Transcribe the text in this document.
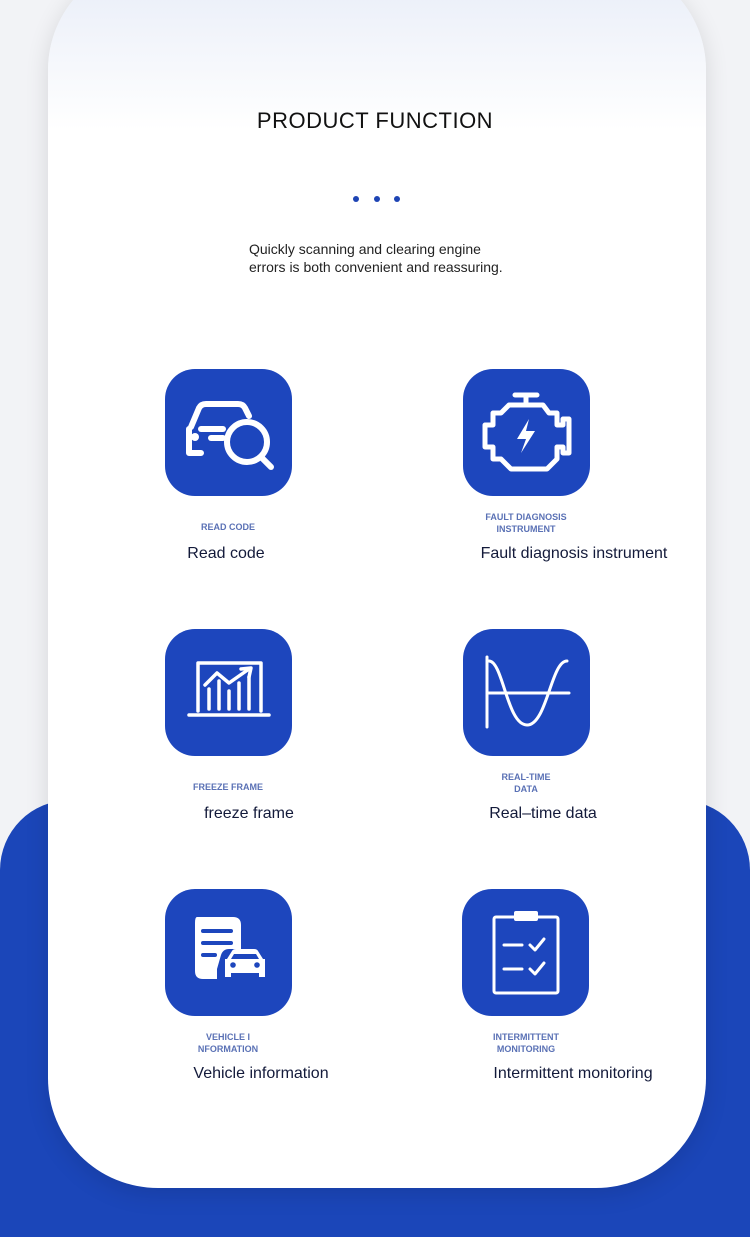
PRODUCT FUNCTION
Quickly scanning and clearing engine errors is both convenient and reassuring.
READ CODE
Read code
FAULT DIAGNOSIS
INSTRUMENT
Fault diagnosis instrument
FREEZE FRAME
freeze frame
REAL-TIME
DATA
Real–time data
VEHICLE I
NFORMATION
Vehicle information
INTERMITTENT
MONITORING
Intermittent monitoring
